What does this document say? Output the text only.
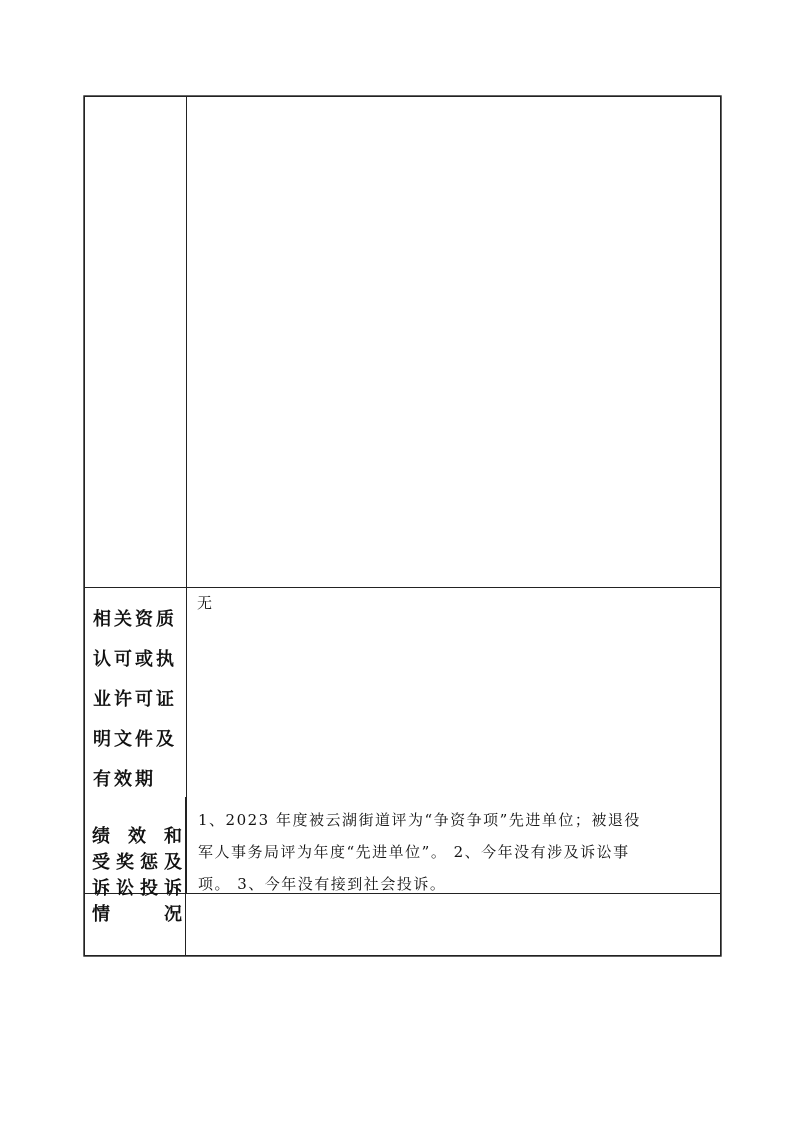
相关资质
认可或执
业许可证
明文件及
有效期
无
绩 效 和
受 奖 惩 及
诉 讼 投 诉
情	况
1、2023 年度被云湖街道评为“争资争项”先进单位；被退役
军人事务局评为年度“先进单位”。 2、今年没有涉及诉讼事
项。 3、今年没有接到社会投诉。
